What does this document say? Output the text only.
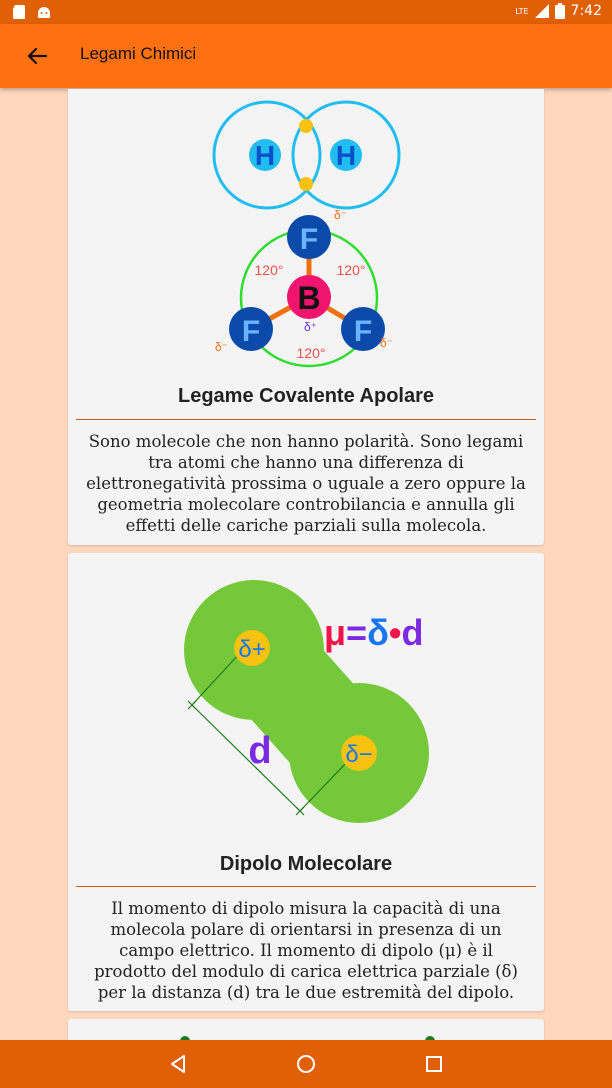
LTE	7:42
Legami Chimici
H H
F
F	F
B
120°	120°
120°
δ⁻
δ⁻	δ⁻
δ⁺
Legame Covalente Apolare
Sono molecole che non hanno polarità. Sono legami tra atomi che hanno una differenza di elettronegatività prossima o uguale a zero oppure la geometria molecolare controbilancia e annulla gli effetti delle cariche parziali sulla molecola.
δ+
δ−
d
μ=δ•d
Dipolo Molecolare
Il momento di dipolo misura la capacità di una molecola polare di orientarsi in presenza di un campo elettrico. Il momento di dipolo (μ) è il prodotto del modulo di carica elettrica parziale (δ) per la distanza (d) tra le due estremità del dipolo.
